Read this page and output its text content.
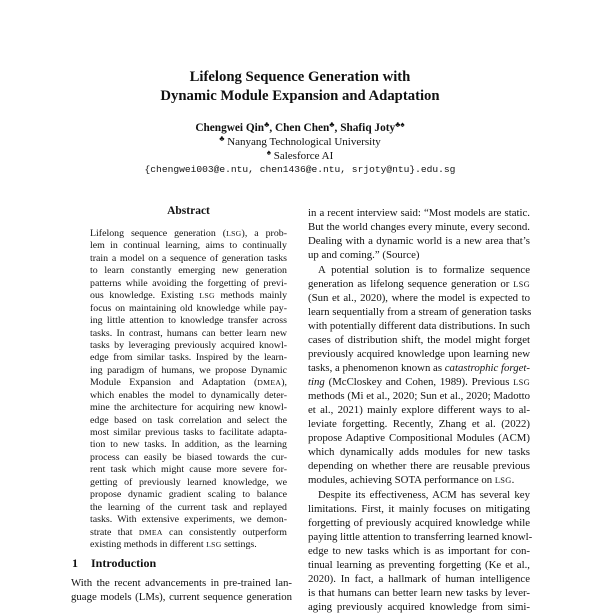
Lifelong Sequence Generation with
Dynamic Module Expansion and Adaptation
Chengwei Qin♣, Chen Chen♣, Shafiq Joty♣♠
♣ Nanyang Technological University
♠ Salesforce AI
{chengwei003@e.ntu, chen1436@e.ntu, srjoty@ntu}.edu.sg
Abstract
Lifelong sequence generation (LSG), a prob-
lem in continual learning, aims to continually
train a model on a sequence of generation tasks
to learn constantly emerging new generation
patterns while avoiding the forgetting of previ-
ous knowledge. Existing LSG methods mainly
focus on maintaining old knowledge while pay-
ing little attention to knowledge transfer across
tasks. In contrast, humans can better learn new
tasks by leveraging previously acquired knowl-
edge from similar tasks. Inspired by the learn-
ing paradigm of humans, we propose Dynamic
Module Expansion and Adaptation (DMEA),
which enables the model to dynamically deter-
mine the architecture for acquiring new knowl-
edge based on task correlation and select the
most similar previous tasks to facilitate adapta-
tion to new tasks. In addition, as the learning
process can easily be biased towards the cur-
rent task which might cause more severe for-
getting of previously learned knowledge, we
propose dynamic gradient scaling to balance
the learning of the current task and replayed
tasks. With extensive experiments, we demon-
strate that DMEA can consistently outperform
existing methods in different LSG settings.
1 Introduction
With the recent advancements in pre-trained lan-
guage models (LMs), current sequence generation
in a recent interview said: “Most models are static.
But the world changes every minute, every second.
Dealing with a dynamic world is a new area that’s
up and coming.” (Source)
A potential solution is to formalize sequence
generation as lifelong sequence generation or LSG
(Sun et al., 2020), where the model is expected to
learn sequentially from a stream of generation tasks
with potentially different data distributions. In such
cases of distribution shift, the model might forget
previously acquired knowledge upon learning new
tasks, a phenomenon known as catastrophic forget-
ting (McCloskey and Cohen, 1989). Previous LSG
methods (Mi et al., 2020; Sun et al., 2020; Madotto
et al., 2021) mainly explore different ways to al-
leviate forgetting. Recently, Zhang et al. (2022)
propose Adaptive Compositional Modules (ACM)
which dynamically adds modules for new tasks
depending on whether there are reusable previous
modules, achieving SOTA performance on LSG.
Despite its effectiveness, ACM has several key
limitations. First, it mainly focuses on mitigating
forgetting of previously acquired knowledge while
paying little attention to transferring learned knowl-
edge to new tasks which is as important for con-
tinual learning as preventing forgetting (Ke et al.,
2020). In fact, a hallmark of human intelligence
is that humans can better learn new tasks by lever-
aging previously acquired knowledge from simi-
